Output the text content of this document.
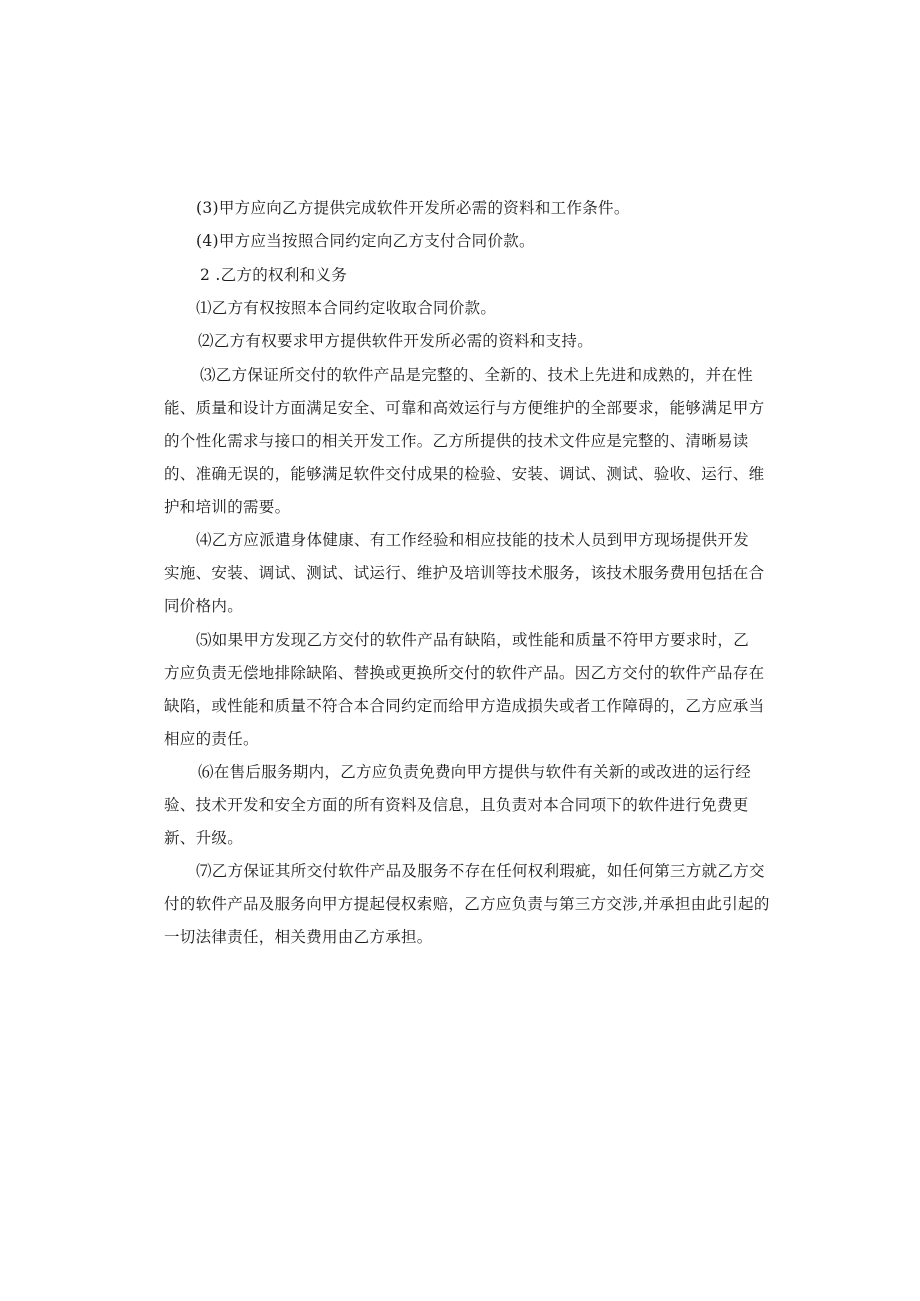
(3)甲方应向乙方提供完成软件开发所必需的资料和工作条件。
(4)甲方应当按照合同约定向乙方支付合同价款。
2 .乙方的权利和义务
⑴乙方有权按照本合同约定收取合同价款。
⑵乙方有权要求甲方提供软件开发所必需的资料和支持。
⑶乙方保证所交付的软件产品是完整的、全新的、技术上先进和成熟的，并在性
能、质量和设计方面满足安全、可靠和高效运行与方便维护的全部要求，能够满足甲方
的个性化需求与接口的相关开发工作。乙方所提供的技术文件应是完整的、清晰易读
的、准确无误的，能够满足软件交付成果的检验、安装、调试、测试、验收、运行、维
护和培训的需要。
⑷乙方应派遣身体健康、有工作经验和相应技能的技术人员到甲方现场提供开发
实施、安装、调试、测试、试运行、维护及培训等技术服务，该技术服务费用包括在合
同价格内。
⑸如果甲方发现乙方交付的软件产品有缺陷，或性能和质量不符甲方要求时，乙
方应负责无偿地排除缺陷、替换或更换所交付的软件产品。因乙方交付的软件产品存在
缺陷，或性能和质量不符合本合同约定而给甲方造成损失或者工作障碍的，乙方应承当
相应的责任。
⑹在售后服务期内，乙方应负责免费向甲方提供与软件有关新的或改进的运行经
验、技术开发和安全方面的所有资料及信息，且负责对本合同项下的软件进行免费更
新、升级。
⑺乙方保证其所交付软件产品及服务不存在任何权利瑕疵，如任何第三方就乙方交
付的软件产品及服务向甲方提起侵权索赔，乙方应负责与第三方交涉,并承担由此引起的
一切法律责任，相关费用由乙方承担。
